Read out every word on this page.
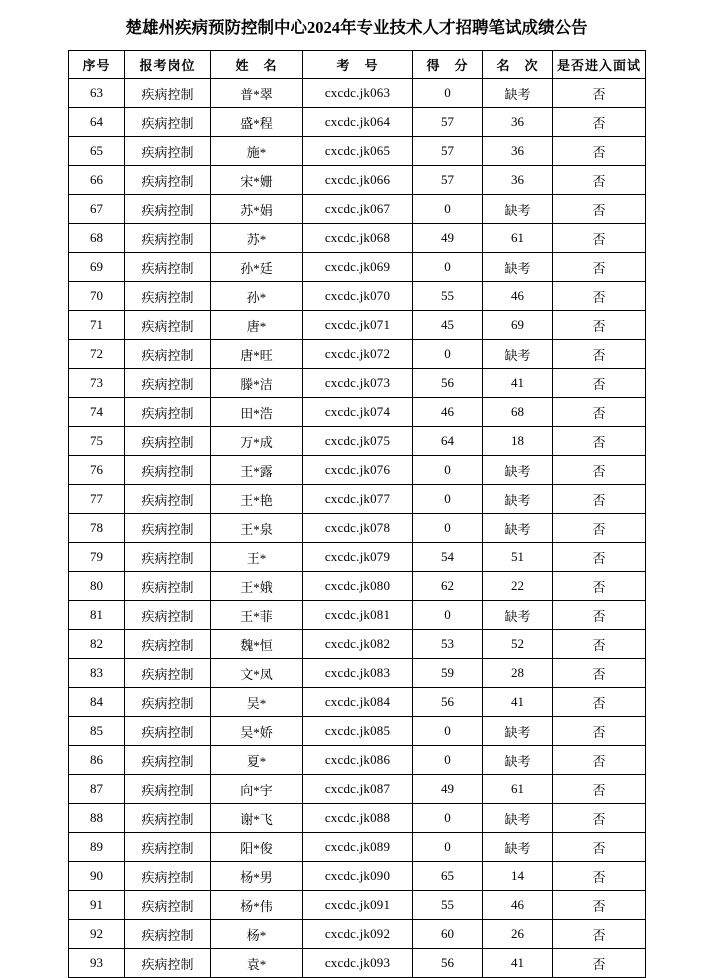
楚雄州疾病预防控制中心2024年专业技术人才招聘笔试成绩公告
序号	报考岗位	姓　名	考　号	得　分	名　次	是否进入面试
63	疾病控制	普*翠	cxcdc.jk063	0	缺考	否
64	疾病控制	盛*程	cxcdc.jk064	57	36	否
65	疾病控制	施*	cxcdc.jk065	57	36	否
66	疾病控制	宋*姗	cxcdc.jk066	57	36	否
67	疾病控制	苏*娟	cxcdc.jk067	0	缺考	否
68	疾病控制	苏*	cxcdc.jk068	49	61	否
69	疾病控制	孙*廷	cxcdc.jk069	0	缺考	否
70	疾病控制	孙*	cxcdc.jk070	55	46	否
71	疾病控制	唐*	cxcdc.jk071	45	69	否
72	疾病控制	唐*旺	cxcdc.jk072	0	缺考	否
73	疾病控制	滕*洁	cxcdc.jk073	56	41	否
74	疾病控制	田*浩	cxcdc.jk074	46	68	否
75	疾病控制	万*成	cxcdc.jk075	64	18	否
76	疾病控制	王*露	cxcdc.jk076	0	缺考	否
77	疾病控制	王*艳	cxcdc.jk077	0	缺考	否
78	疾病控制	王*泉	cxcdc.jk078	0	缺考	否
79	疾病控制	王*	cxcdc.jk079	54	51	否
80	疾病控制	王*娥	cxcdc.jk080	62	22	否
81	疾病控制	王*菲	cxcdc.jk081	0	缺考	否
82	疾病控制	魏*恒	cxcdc.jk082	53	52	否
83	疾病控制	文*凤	cxcdc.jk083	59	28	否
84	疾病控制	吴*	cxcdc.jk084	56	41	否
85	疾病控制	吴*娇	cxcdc.jk085	0	缺考	否
86	疾病控制	夏*	cxcdc.jk086	0	缺考	否
87	疾病控制	向*宇	cxcdc.jk087	49	61	否
88	疾病控制	谢*飞	cxcdc.jk088	0	缺考	否
89	疾病控制	阳*俊	cxcdc.jk089	0	缺考	否
90	疾病控制	杨*男	cxcdc.jk090	65	14	否
91	疾病控制	杨*伟	cxcdc.jk091	55	46	否
92	疾病控制	杨*	cxcdc.jk092	60	26	否
93	疾病控制	袁*	cxcdc.jk093	56	41	否
